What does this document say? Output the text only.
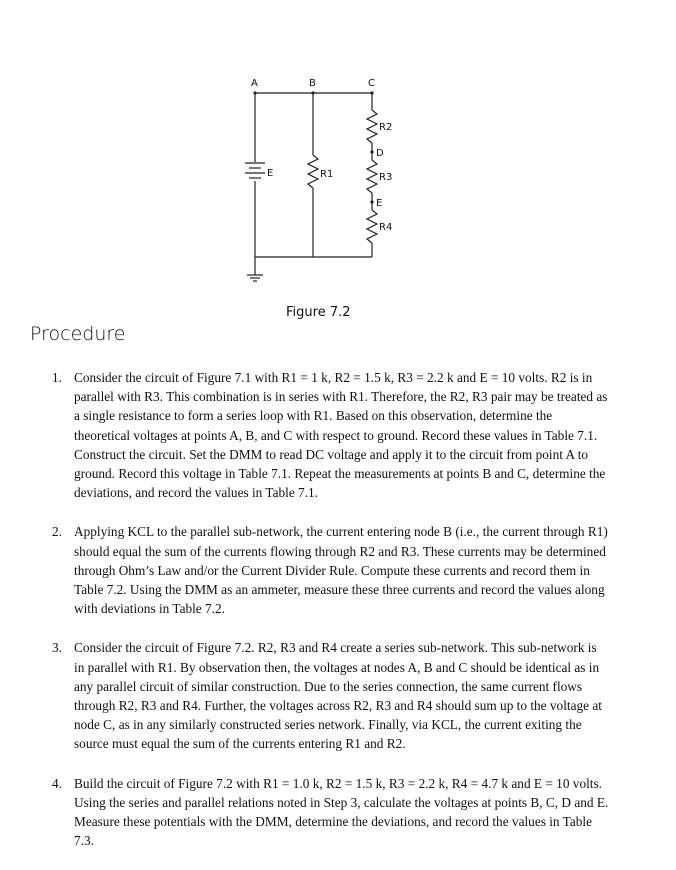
A	B	C
D
E
E	R1
R2
R3
R4
Figure 7.2
Procedure
1. Consider the circuit of Figure 7.1 with R1 = 1 k, R2 = 1.5 k, R3 = 2.2 k and E = 10 volts. R2 is in parallel with R3. This combination is in series with R1. Therefore, the R2, R3 pair may be treated as a single resistance to form a series loop with R1. Based on this observation, determine the theoretical voltages at points A, B, and C with respect to ground. Record these values in Table 7.1. Construct the circuit. Set the DMM to read DC voltage and apply it to the circuit from point A to ground. Record this voltage in Table 7.1. Repeat the measurements at points B and C, determine the deviations, and record the values in Table 7.1.
2. Applying KCL to the parallel sub-network, the current entering node B (i.e., the current through R1) should equal the sum of the currents flowing through R2 and R3. These currents may be determined through Ohm’s Law and/or the Current Divider Rule. Compute these currents and record them in Table 7.2. Using the DMM as an ammeter, measure these three currents and record the values along with deviations in Table 7.2.
3. Consider the circuit of Figure 7.2. R2, R3 and R4 create a series sub-network. This sub-network is in parallel with R1. By observation then, the voltages at nodes A, B and C should be identical as in any parallel circuit of similar construction. Due to the series connection, the same current flows through R2, R3 and R4. Further, the voltages across R2, R3 and R4 should sum up to the voltage at node C, as in any similarly constructed series network. Finally, via KCL, the current exiting the source must equal the sum of the currents entering R1 and R2.
4. Build the circuit of Figure 7.2 with R1 = 1.0 k, R2 = 1.5 k, R3 = 2.2 k, R4 = 4.7 k and E = 10 volts. Using the series and parallel relations noted in Step 3, calculate the voltages at points B, C, D and E. Measure these potentials with the DMM, determine the deviations, and record the values in Table 7.3.
